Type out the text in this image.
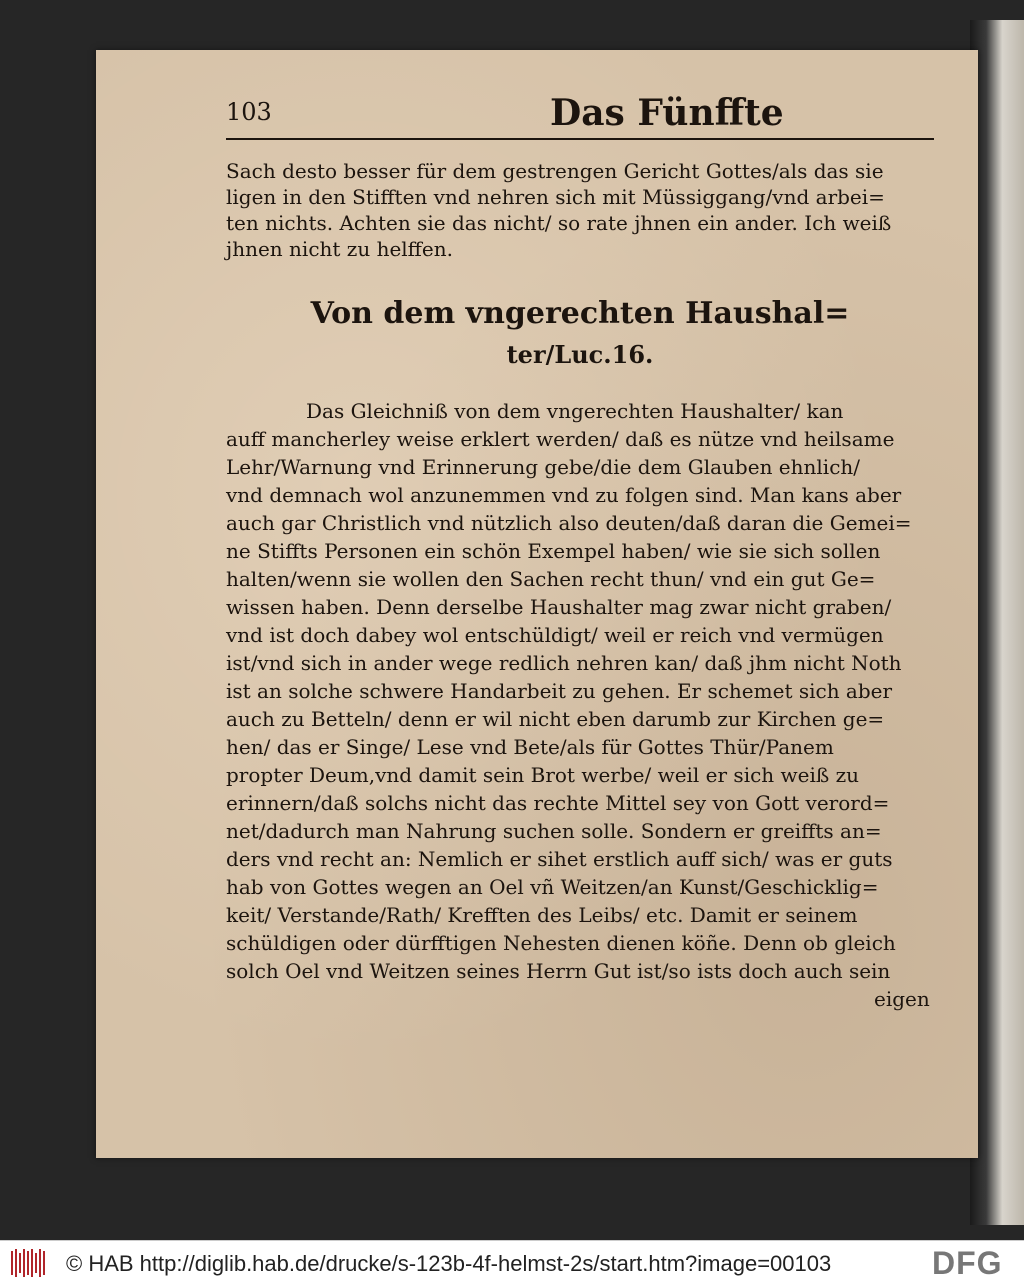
103	Das Fünffte
Sach desto besser für dem gestrengen Gericht Gottes/als das sie
ligen in den Stifften vnd nehren sich mit Müssiggang/vnd arbei=
ten nichts. Achten sie das nicht/ so rate jhnen ein ander. Ich weiß
jhnen nicht zu helffen.
Von dem vngerechten Haushal=
ter/Luc.16.
Das Gleichniß von dem vngerechten Haushalter/ kan
auff mancherley weise erklert werden/ daß es nütze vnd heilsame
Lehr/Warnung vnd Erinnerung gebe/die dem Glauben ehnlich/
vnd demnach wol anzunemmen vnd zu folgen sind. Man kans aber
auch gar Christlich vnd nützlich also deuten/daß daran die Gemei=
ne Stiffts Personen ein schön Exempel haben/ wie sie sich sollen
halten/wenn sie wollen den Sachen recht thun/ vnd ein gut Ge=
wissen haben. Denn derselbe Haushalter mag zwar nicht graben/
vnd ist doch dabey wol entschüldigt/ weil er reich vnd vermügen
ist/vnd sich in ander wege redlich nehren kan/ daß jhm nicht Noth
ist an solche schwere Handarbeit zu gehen. Er schemet sich aber
auch zu Betteln/ denn er wil nicht eben darumb zur Kirchen ge=
hen/ das er Singe/ Lese vnd Bete/als für Gottes Thür/Panem
propter Deum,vnd damit sein Brot werbe/ weil er sich weiß zu
erinnern/daß solchs nicht das rechte Mittel sey von Gott verord=
net/dadurch man Nahrung suchen solle. Sondern er greiffts an=
ders vnd recht an: Nemlich er sihet erstlich auff sich/ was er guts
hab von Gottes wegen an Oel vñ Weitzen/an Kunst/Geschicklig=
keit/ Verstande/Rath/ Krefften des Leibs/ etc. Damit er seinem
schüldigen oder dürfftigen Nehesten dienen köñe. Denn ob gleich
solch Oel vnd Weitzen seines Herrn Gut ist/so ists doch auch sein
eigen
© HAB http://diglib.hab.de/drucke/s-123b-4f-helmst-2s/start.htm?image=00103	DFG
